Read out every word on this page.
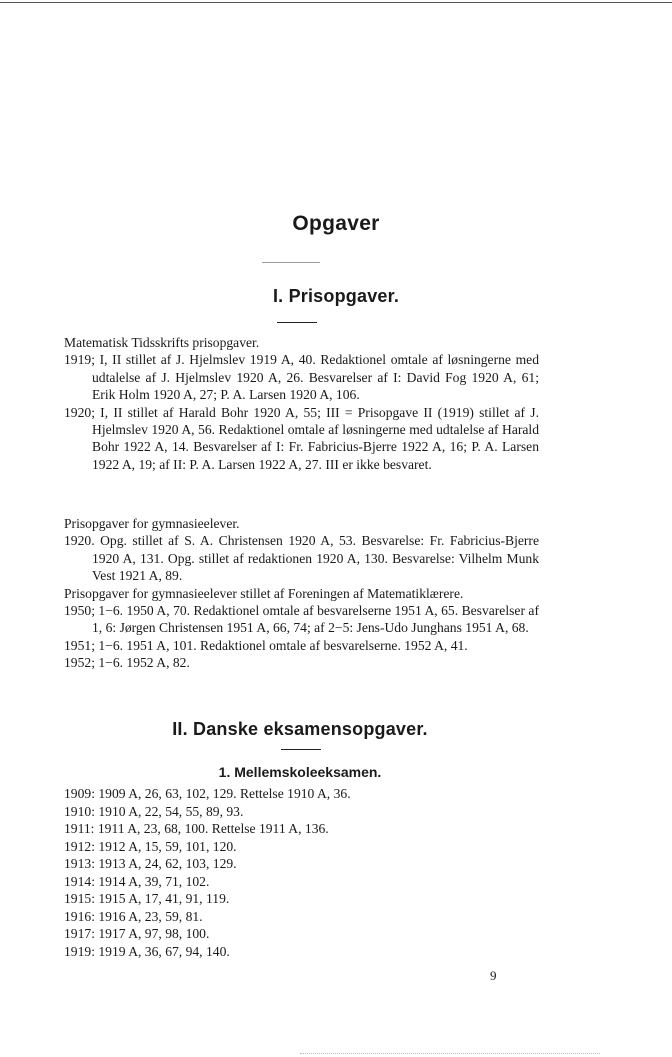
Opgaver
I. Prisopgaver.

Matematisk Tidsskrifts prisopgaver.

1919; I, II stillet af J. Hjelmslev 1919 A, 40. Redaktionel omtale af løsningerne med udtalelse af J. Hjelmslev 1920 A, 26. Besvarelser af I: David Fog 1920 A, 61; Erik Holm 1920 A, 27; P. A. Larsen 1920 A, 106.

1920; I, II stillet af Harald Bohr 1920 A, 55; III = Prisopgave II (1919) stillet af J. Hjelmslev 1920 A, 56. Redaktionel omtale af løsningerne med udtalelse af Harald Bohr 1922 A, 14. Besvarelser af I: Fr. Fabricius-Bjerre 1922 A, 16; P. A. Larsen 1922 A, 19; af II: P. A. Larsen 1922 A, 27. III er ikke besvaret.

Prisopgaver for gymnasieelever.

1920. Opg. stillet af S. A. Christensen 1920 A, 53. Besvarelse: Fr. Fabricius-Bjerre 1920 A, 131. Opg. stillet af redaktionen 1920 A, 130. Besvarelse: Vilhelm Munk Vest 1921 A, 89.

Prisopgaver for gymnasieelever stillet af Foreningen af Matematiklærere.

1950; 1−6. 1950 A, 70. Redaktionel omtale af besvarelserne 1951 A, 65. Besvarelser af 1, 6: Jørgen Christensen 1951 A, 66, 74; af 2−5: Jens-Udo Junghans 1951 A, 68.

1951; 1−6. 1951 A, 101. Redaktionel omtale af besvarelserne. 1952 A, 41.

1952; 1−6. 1952 A, 82.

II. Danske eksamensopgaver.
1. Mellemskoleeksamen.
1909: 1909 A, 26, 63, 102, 129. Rettelse 1910 A, 36.
1910: 1910 A, 22, 54, 55, 89, 93.
1911: 1911 A, 23, 68, 100. Rettelse 1911 A, 136.
1912: 1912 A, 15, 59, 101, 120.
1913: 1913 A, 24, 62, 103, 129.
1914: 1914 A, 39, 71, 102.
1915: 1915 A, 17, 41, 91, 119.
1916: 1916 A, 23, 59, 81.
1917: 1917 A, 97, 98, 100.
1919: 1919 A, 36, 67, 94, 140.
9
